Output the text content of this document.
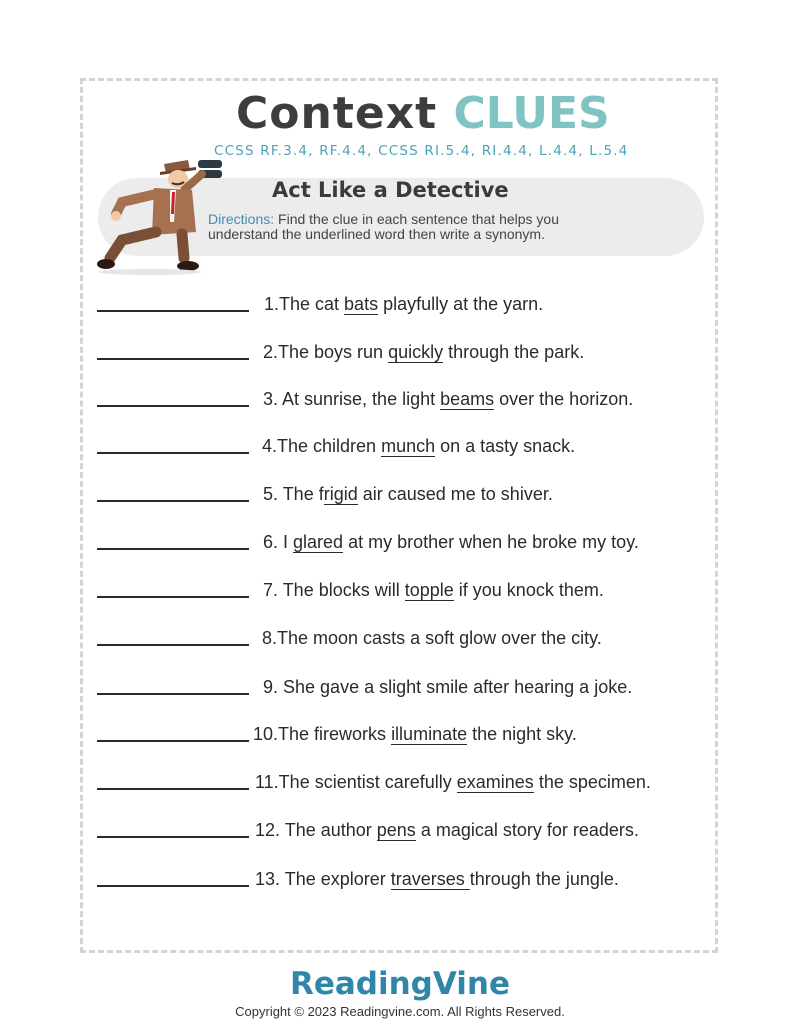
Context CLUES
CCSS RF.3.4, RF.4.4, CCSS RI.5.4, RI.4.4, L.4.4, L.5.4
Act Like a Detective
Directions: Find the clue in each sentence that helps you
understand the underlined word then write a synonym.
1.The cat bats playfully at the yarn.
2.The boys run quickly through the park.
3. At sunrise, the light beams over the horizon.
4.The children munch on a tasty snack.
5. The frigid air caused me to shiver.
6. I glared at my brother when he broke my toy.
7. The blocks will topple if you knock them.
8.The moon casts a soft glow over the city.
9. She gave a slight smile after hearing a joke.
10.The fireworks illuminate the night sky.
11.The scientist carefully examines the specimen.
12. The author pens a magical story for readers.
13. The explorer traverses through the jungle.
ReadingVine
Copyright © 2023 Readingvine.com. All Rights Reserved.
